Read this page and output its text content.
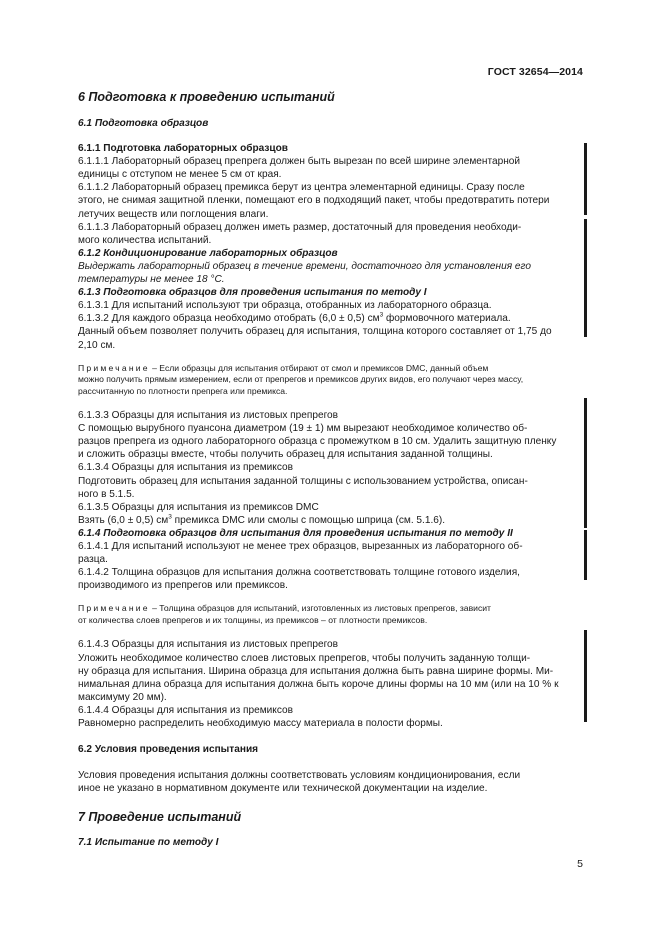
ГОСТ 32654—2014

6 Подготовка к проведению испытаний

6.1 Подготовка образцов

6.1.1 Подготовка лабораторных образцов

6.1.1.1 Лабораторный образец препрега должен быть вырезан по всей ширине элементарной

единицы с отступом не менее 5 см от края.

6.1.1.2 Лабораторный образец премикса берут из центра элементарной единицы. Сразу после

этого, не снимая защитной пленки, помещают его в подходящий пакет, чтобы предотвратить потери

летучих веществ или поглощения влаги.

6.1.1.3 Лабораторный образец должен иметь размер, достаточный для проведения необходи-

мого количества испытаний.

6.1.2 Кондиционирование лабораторных образцов

Выдержать лабораторный образец в течение времени, достаточного для установления его

температуры не менее 18 °С.

6.1.3 Подготовка образцов для проведения испытания по методу I

6.1.3.1 Для испытаний используют три образца, отобранных из лабораторного образца.

6.1.3.2 Для каждого образца необходимо отобрать (6,0 ± 0,5) $см^3$ формовочного материала.

Данный объем позволяет получить образец для испытания, толщина которого составляет от 1,75 до

2,10 см.

Примечание – Если образцы для испытания отбирают от смол и премиксов DMC, данный объем

можно получить прямым измерением, если от препрегов и премиксов других видов, его получают через массу,

рассчитанную по плотности препрега или премикса.

6.1.3.3 Образцы для испытания из листовых препрегов

С помощью вырубного пуансона диаметром (19 ± 1) мм вырезают необходимое количество об-

разцов препрега из одного лабораторного образца с промежутком в 10 см. Удалить защитную пленку

и сложить образцы вместе, чтобы получить образец для испытания заданной толщины.

6.1.3.4 Образцы для испытания из премиксов

Подготовить образец для испытания заданной толщины с использованием устройства, описан-

ного в 5.1.5.

6.1.3.5 Образцы для испытания из премиксов DMC

Взять (6,0 ± 0,5) $см^3$ премикса DMC или смолы с помощью шприца (см. 5.1.6).

6.1.4 Подготовка образцов для испытания для проведения испытания по методу II

6.1.4.1 Для испытаний используют не менее трех образцов, вырезанных из лабораторного об-

разца.

6.1.4.2 Толщина образцов для испытания должна соответствовать толщине готового изделия,

производимого из препрегов или премиксов.

Примечание – Толщина образцов для испытаний, изготовленных из листовых препрегов, зависит

от количества слоев препрегов и их толщины, из премиксов – от плотности премиксов.

6.1.4.3 Образцы для испытания из листовых препрегов

Уложить необходимое количество слоев листовых препрегов, чтобы получить заданную толщи-

ну образца для испытания. Ширина образца для испытания должна быть равна ширине формы. Ми-

нимальная длина образца для испытания должна быть короче длины формы на 10 мм (или на 10 % к

максимуму 20 мм).

6.1.4.4 Образцы для испытания из премиксов

Равномерно распределить необходимую массу материала в полости формы.

6.2 Условия проведения испытания

Условия проведения испытания должны соответствовать условиям кондиционирования, если

иное не указано в нормативном документе или технической документации на изделие.

7 Проведение испытаний

7.1 Испытание по методу I

5
